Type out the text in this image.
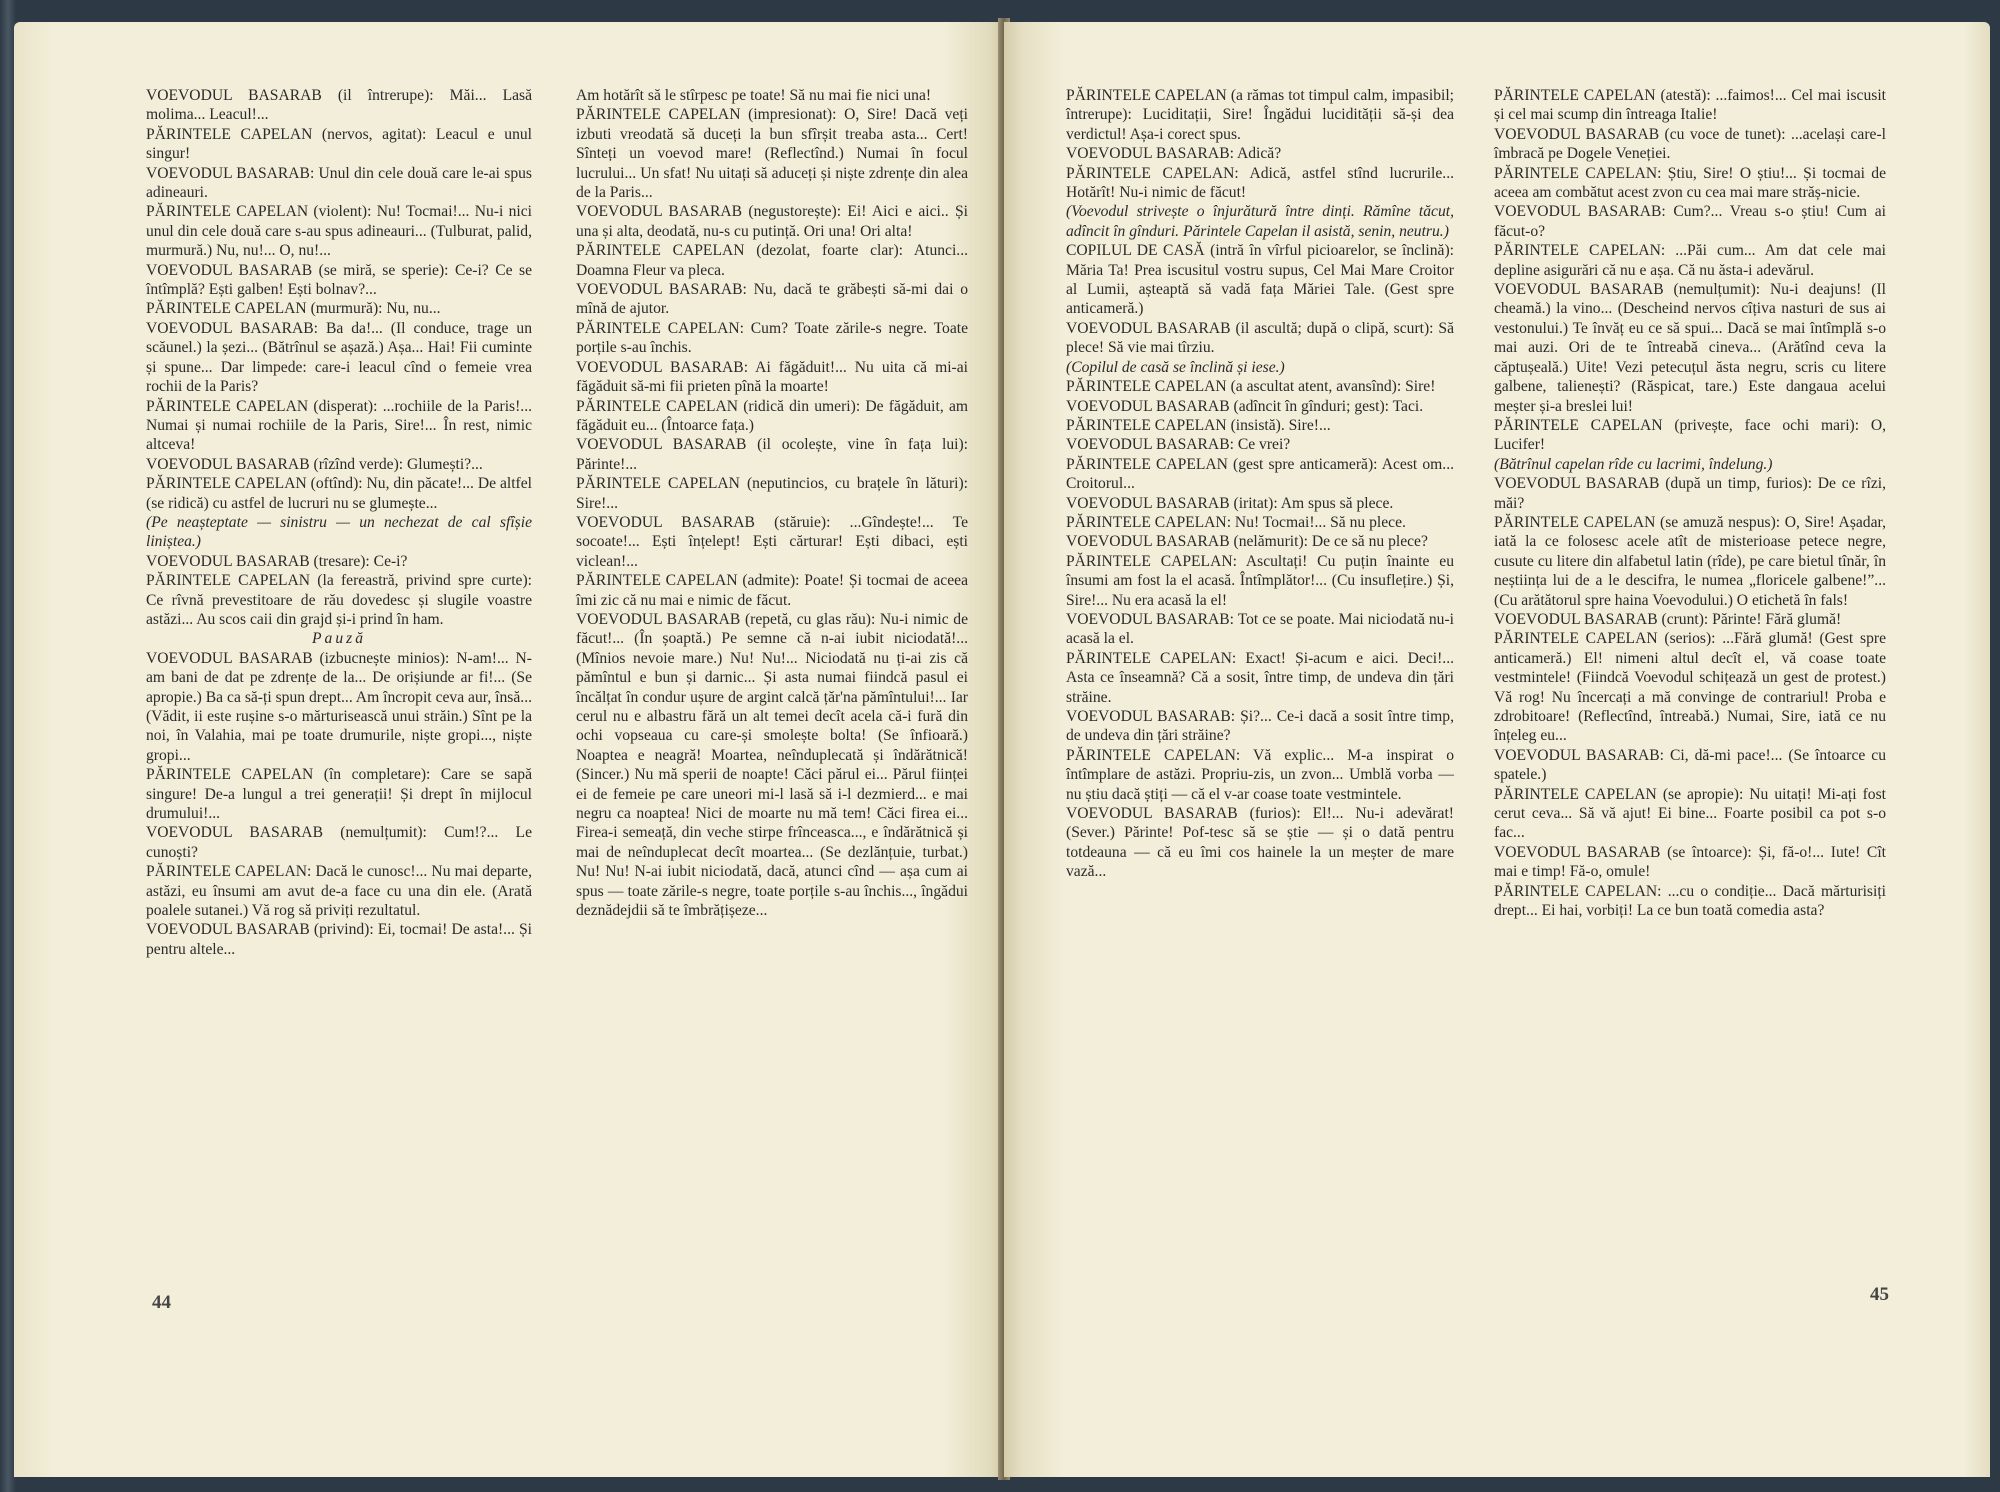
VOEVODUL BASARAB (il întrerupe): Măi... Lasă molima... Leacul!...

PĂRINTELE CAPELAN (nervos, agitat): Leacul e unul singur!

VOEVODUL BASARAB: Unul din cele două care le-ai spus adineauri.

PĂRINTELE CAPELAN (violent): Nu! Tocmai!... Nu-i nici unul din cele două care s-au spus adineauri... (Tulburat, palid, murmură.) Nu, nu!... O, nu!...

VOEVODUL BASARAB (se miră, se sperie): Ce-i? Ce se întîmplă? Ești galben! Ești bolnav?...

PĂRINTELE CAPELAN (murmură): Nu, nu...

VOEVODUL BASARAB: Ba da!... (Il conduce, trage un scăunel.) la șezi... (Bătrînul se așază.) Așa... Hai! Fii cuminte și spune... Dar limpede: care-i leacul cînd o femeie vrea rochii de la Paris?

PĂRINTELE CAPELAN (disperat): ...rochiile de la Paris!... Numai și numai rochiile de la Paris, Sire!... În rest, nimic altceva!

VOEVODUL BASARAB (rîzînd verde): Glumești?...

PĂRINTELE CAPELAN (oftînd): Nu, din păcate!... De altfel (se ridică) cu astfel de lucruri nu se glumește...

(Pe neașteptate — sinistru — un nechezat de cal sfîșie liniștea.)

VOEVODUL BASARAB (tresare): Ce-i?

PĂRINTELE CAPELAN (la fereastră, privind spre curte): Ce rîvnă prevestitoare de rău dovedesc și slugile voastre astăzi... Au scos caii din grajd și-i prind în ham.

Pauză

VOEVODUL BASARAB (izbucnește minios): N-am!... N-am bani de dat pe zdrențe de la... De orișiunde ar fi!... (Se apropie.) Ba ca să-ți spun drept... Am încropit ceva aur, însă... (Vădit, ii este rușine s-o mărturisească unui străin.) Sînt pe la noi, în Valahia, mai pe toate drumurile, niște gropi..., niște gropi...

PĂRINTELE CAPELAN (în completare): Care se sapă singure! De-a lungul a trei generații! Și drept în mijlocul drumului!...

VOEVODUL BASARAB (nemulțumit): Cum!?... Le cunoști?

PĂRINTELE CAPELAN: Dacă le cunosc!... Nu mai departe, astăzi, eu însumi am avut de-a face cu una din ele. (Arată poalele sutanei.) Vă rog să priviți rezultatul.

VOEVODUL BASARAB (privind): Ei, tocmai! De asta!... Și pentru altele...

Am hotărît să le stîrpesc pe toate! Să nu mai fie nici una!

PĂRINTELE CAPELAN (impresionat): O, Sire! Dacă veți izbuti vreodată să duceți la bun sfîrșit treaba asta... Cert! Sînteți un voevod mare! (Reflectînd.) Numai în focul lucrului... Un sfat! Nu uitați să aduceți și niște zdrențe din alea de la Paris...

VOEVODUL BASARAB (negustorește): Ei! Aici e aici.. Și una și alta, deodată, nu-s cu putință. Ori una! Ori alta!

PĂRINTELE CAPELAN (dezolat, foarte clar): Atunci... Doamna Fleur va pleca.

VOEVODUL BASARAB: Nu, dacă te grăbești să-mi dai o mînă de ajutor.

PĂRINTELE CAPELAN: Cum? Toate zările-s negre. Toate porțile s-au închis.

VOEVODUL BASARAB: Ai făgăduit!... Nu uita că mi-ai făgăduit să-mi fii prieten pînă la moarte!

PĂRINTELE CAPELAN (ridică din umeri): De făgăduit, am făgăduit eu... (Întoarce fața.)

VOEVODUL BASARAB (il ocolește, vine în fața lui): Părinte!...

PĂRINTELE CAPELAN (neputincios, cu brațele în lături): Sire!...

VOEVODUL BASARAB (stăruie): ...Gîndește!... Te socoate!... Ești înțelept! Ești cărturar! Ești dibaci, ești viclean!...

PĂRINTELE CAPELAN (admite): Poate! Și tocmai de aceea îmi zic că nu mai e nimic de făcut.

VOEVODUL BASARAB (repetă, cu glas rău): Nu-i nimic de făcut!... (În șoaptă.) Pe semne că n-ai iubit niciodată!... (Mînios nevoie mare.) Nu! Nu!... Niciodată nu ți-ai zis că pămîntul e bun și darnic... Și asta numai fiindcă pasul ei încălțat în condur ușure de argint calcă țăr'na pămîntului!... Iar cerul nu e albastru fără un alt temei decît acela că-i fură din ochi vopseaua cu care-și smolește bolta! (Se înfioară.) Noaptea e neagră! Moartea, neînduplecată și îndărătnică! (Sincer.) Nu mă sperii de noapte! Căci părul ei... Părul ființei ei de femeie pe care uneori mi-l lasă să i-l dezmierd... e mai negru ca noaptea! Nici de moarte nu mă tem! Căci firea ei... Firea-i semeață, din veche stirpe frînceasca..., e îndărătnică și mai de neînduplecat decît moartea... (Se dezlănțuie, turbat.) Nu! Nu! N-ai iubit niciodată, dacă, atunci cînd — așa cum ai spus — toate zările-s negre, toate porțile s-au închis..., îngădui deznădejdii să te îmbrățișeze...

44

PĂRINTELE CAPELAN (a rămas tot timpul calm, impasibil; întrerupe): Luciditații, Sire! Îngădui lucidității să-și dea verdictul! Așa-i corect spus.

VOEVODUL BASARAB: Adică?

PĂRINTELE CAPELAN: Adică, astfel stînd lucrurile... Hotărît! Nu-i nimic de făcut!

(Voevodul strivește o înjurătură între dinți. Rămîne tăcut, adîncit în gînduri. Părintele Capelan il asistă, senin, neutru.)

COPILUL DE CASĂ (intră în vîrful picioarelor, se înclină): Măria Ta! Prea iscusitul vostru supus, Cel Mai Mare Croitor al Lumii, așteaptă să vadă fața Măriei Tale. (Gest spre anticameră.)

VOEVODUL BASARAB (il ascultă; după o clipă, scurt): Să plece! Să vie mai tîrziu.

(Copilul de casă se înclină și iese.)

PĂRINTELE CAPELAN (a ascultat atent, avansînd): Sire!

VOEVODUL BASARAB (adîncit în gînduri; gest): Taci.

PĂRINTELE CAPELAN (insistă). Sire!...

VOEVODUL BASARAB: Ce vrei?

PĂRINTELE CAPELAN (gest spre anticameră): Acest om... Croitorul...

VOEVODUL BASARAB (iritat): Am spus să plece.

PĂRINTELE CAPELAN: Nu! Tocmai!... Să nu plece.

VOEVODUL BASARAB (nelămurit): De ce să nu plece?

PĂRINTELE CAPELAN: Ascultați! Cu puțin înainte eu însumi am fost la el acasă. Întîmplător!... (Cu insuflețire.) Și, Sire!... Nu era acasă la el!

VOEVODUL BASARAB: Tot ce se poate. Mai niciodată nu-i acasă la el.

PĂRINTELE CAPELAN: Exact! Și-acum e aici. Deci!... Asta ce înseamnă? Că a sosit, între timp, de undeva din țări străine.

VOEVODUL BASARAB: Și?... Ce-i dacă a sosit între timp, de undeva din țări străine?

PĂRINTELE CAPELAN: Vă explic... M-a inspirat o întîmplare de astăzi. Propriu-zis, un zvon... Umblă vorba — nu știu dacă știți — că el v-ar coase toate vestmintele.

VOEVODUL BASARAB (furios): El!... Nu-i adevărat! (Sever.) Părinte! Pof-tesc să se știe — și o dată pentru totdeauna — că eu îmi cos hainele la un meșter de mare vază...

PĂRINTELE CAPELAN (atestă): ...faimos!... Cel mai iscusit și cel mai scump din întreaga Italie!

VOEVODUL BASARAB (cu voce de tunet): ...același care-l îmbracă pe Dogele Veneției.

PĂRINTELE CAPELAN: Știu, Sire! O știu!... Și tocmai de aceea am combătut acest zvon cu cea mai mare străș-nicie.

VOEVODUL BASARAB: Cum?... Vreau s-o știu! Cum ai făcut-o?

PĂRINTELE CAPELAN: ...Păi cum... Am dat cele mai depline asigurări că nu e așa. Că nu ăsta-i adevărul.

VOEVODUL BASARAB (nemulțumit): Nu-i deajuns! (Il cheamă.) la vino... (Descheind nervos cîțiva nasturi de sus ai vestonului.) Te învăț eu ce să spui... Dacă se mai întîmplă s-o mai auzi. Ori de te întreabă cineva... (Arătînd ceva la căptușeală.) Uite! Vezi petecuțul ăsta negru, scris cu litere galbene, talienești? (Răspicat, tare.) Este dangaua acelui meșter și-a breslei lui!

PĂRINTELE CAPELAN (privește, face ochi mari): O, Lucifer!

(Bătrînul capelan rîde cu lacrimi, îndelung.)

VOEVODUL BASARAB (după un timp, furios): De ce rîzi, măi?

PĂRINTELE CAPELAN (se amuză nespus): O, Sire! Așadar, iată la ce folosesc acele atît de misterioase petece negre, cusute cu litere din alfabetul latin (rîde), pe care bietul tînăr, în neștiința lui de a le descifra, le numea „floricele galbene!”... (Cu arătătorul spre haina Voevodului.) O etichetă în fals!

VOEVODUL BASARAB (crunt): Părinte! Fără glumă!

PĂRINTELE CAPELAN (serios): ...Fără glumă! (Gest spre anticameră.) El! nimeni altul decît el, vă coase toate vestmintele! (Fiindcă Voevodul schițează un gest de protest.) Vă rog! Nu încercați a mă convinge de contrariul! Proba e zdrobitoare! (Reflectînd, întreabă.) Numai, Sire, iată ce nu înțeleg eu...

VOEVODUL BASARAB: Ci, dă-mi pace!... (Se întoarce cu spatele.)

PĂRINTELE CAPELAN (se apropie): Nu uitați! Mi-ați fost cerut ceva... Să vă ajut! Ei bine... Foarte posibil ca pot s-o fac...

VOEVODUL BASARAB (se întoarce): Și, fă-o!... Iute! Cît mai e timp! Fă-o, omule!

PĂRINTELE CAPELAN: ...cu o condiție... Dacă mărturisiți drept... Ei hai, vorbiți! La ce bun toată comedia asta?

45
